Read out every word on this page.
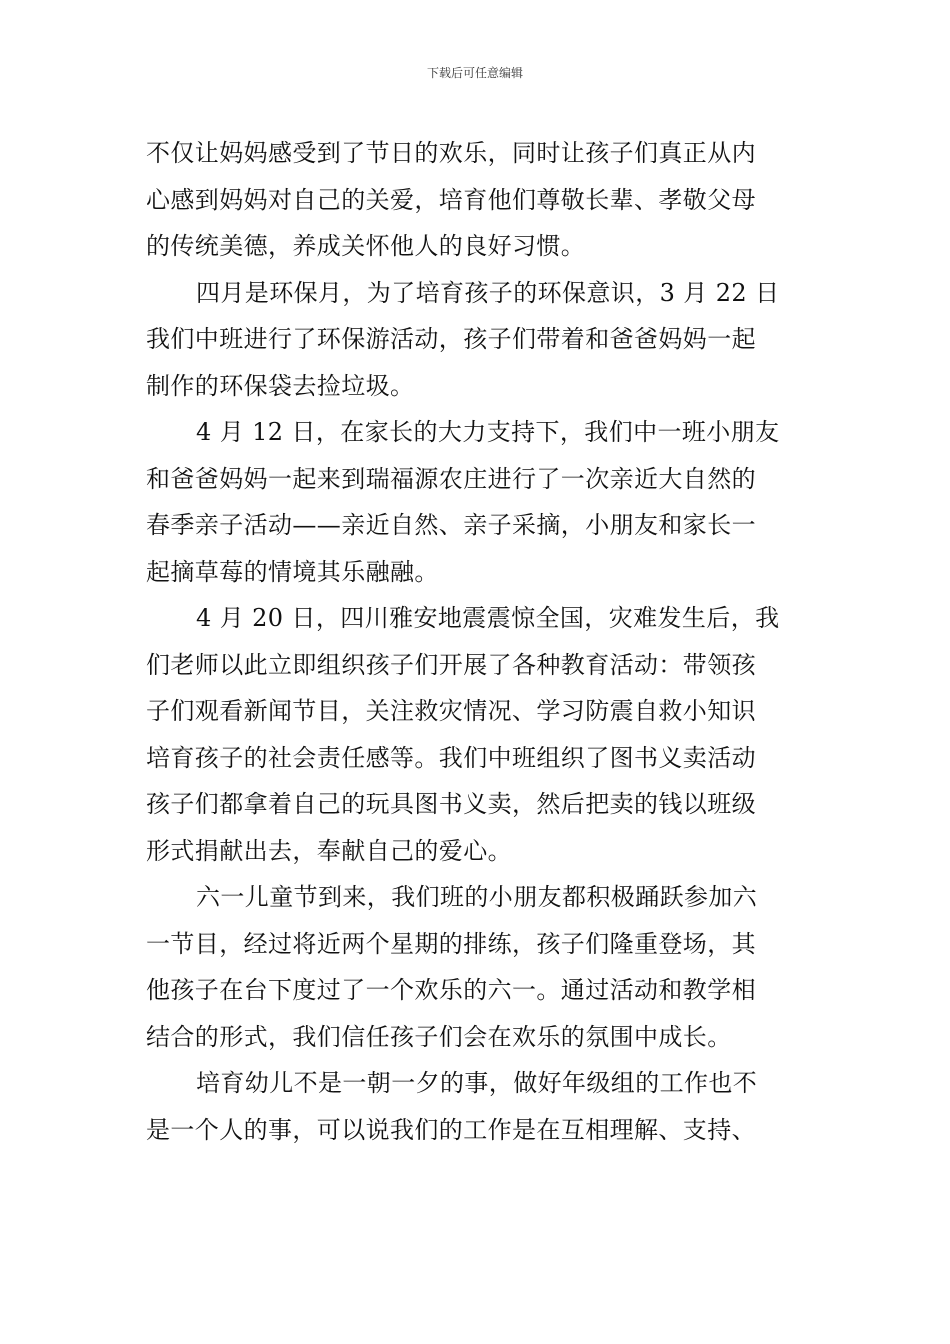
下载后可任意编辑
不仅让妈妈感受到了节日的欢乐，同时让孩子们真正从内
心感到妈妈对自己的关爱，培育他们尊敬长辈、孝敬父母
的传统美德，养成关怀他人的良好习惯。
四月是环保月，为了培育孩子的环保意识，3 月 22 日
我们中班进行了环保游活动，孩子们带着和爸爸妈妈一起
制作的环保袋去捡垃圾。
4 月 12 日，在家长的大力支持下，我们中一班小朋友
和爸爸妈妈一起来到瑞福源农庄进行了一次亲近大自然的
春季亲子活动——亲近自然、亲子采摘，小朋友和家长一
起摘草莓的情境其乐融融。
4 月 20 日，四川雅安地震震惊全国，灾难发生后，我
们老师以此立即组织孩子们开展了各种教育活动：带领孩
子们观看新闻节目，关注救灾情况、学习防震自救小知识
培育孩子的社会责任感等。我们中班组织了图书义卖活动
孩子们都拿着自己的玩具图书义卖，然后把卖的钱以班级
形式捐献出去，奉献自己的爱心。
六一儿童节到来，我们班的小朋友都积极踊跃参加六
一节目，经过将近两个星期的排练，孩子们隆重登场，其
他孩子在台下度过了一个欢乐的六一。通过活动和教学相
结合的形式，我们信任孩子们会在欢乐的氛围中成长。
培育幼儿不是一朝一夕的事，做好年级组的工作也不
是一个人的事，可以说我们的工作是在互相理解、支持、
